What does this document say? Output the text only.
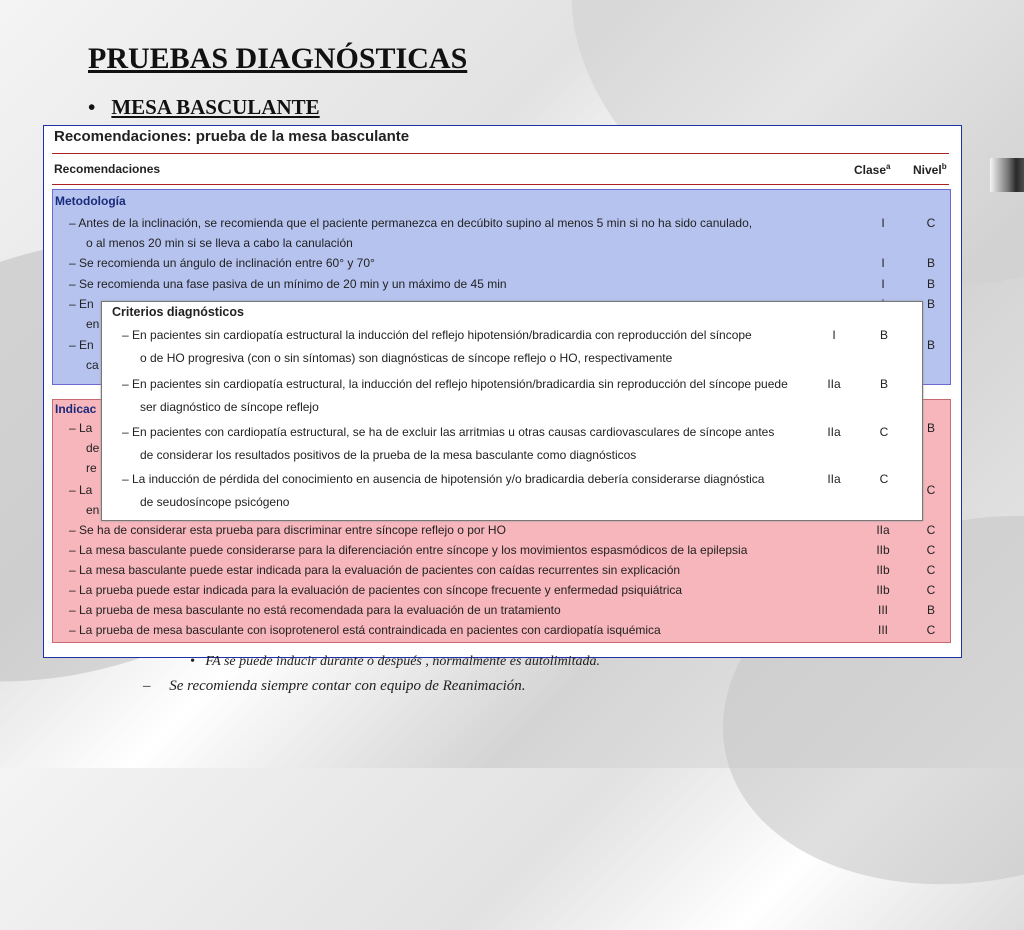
PRUEBAS DIAGNÓSTICAS
• MESA BASCULANTE
Recomendaciones: prueba de la mesa basculante
Recomendaciones	Clase$^a$ Nivel$^b$
Metodología
– Antes de la inclinación, se recomienda que el paciente permanezca en decúbito supino al menos 5 min si no ha sido canulado,	I	C
o al menos 20 min si se lleva a cabo la canulación
– Se recomienda un ángulo de inclinación entre 60° y 70°	I	B
– Se recomienda una fase pasiva de un mínimo de 20 min y un máximo de 45 min	I	B
– En	B
en
– En	B
ca
Indicac
– La	B
de
re
– La	C
en
– Se ha de considerar esta prueba para discriminar entre síncope reflejo o por HO	IIa	C
– La mesa basculante puede considerarse para la diferenciación entre síncope y los movimientos espasmódicos de la epilepsia	IIb	C
– La mesa basculante puede estar indicada para la evaluación de pacientes con caídas recurrentes sin explicación	IIb	C
– La prueba puede estar indicada para la evaluación de pacientes con síncope frecuente y enfermedad psiquiátrica	IIb	C
– La prueba de mesa basculante no está recomendada para la evaluación de un tratamiento	III	B
– La prueba de mesa basculante con isoprotenerol está contraindicada en pacientes con cardiopatía isquémica	III	C
Criterios diagnósticos
– En pacientes sin cardiopatía estructural la inducción del reflejo hipotensión/bradicardia con reproducción del síncope
o de HO progresiva (con o sin síntomas) son diagnósticas de síncope reflejo o HO, respectivamente
I	B
– En pacientes sin cardiopatía estructural, la inducción del reflejo hipotensión/bradicardia sin reproducción del síncope puede
ser diagnóstico de síncope reflejo
IIa	B
– En pacientes con cardiopatía estructural, se ha de excluir las arritmias u otras causas cardiovasculares de síncope antes
de considerar los resultados positivos de la prueba de la mesa basculante como diagnósticos
IIa	C
– La inducción de pérdida del conocimiento en ausencia de hipotensión y/o bradicardia debería considerarse diagnóstica
de seudosíncope psicógeno
IIa	C
• FA se puede inducir durante o después , normalmente es autolimitada.
– Se recomienda siempre contar con equipo de Reanimación.
